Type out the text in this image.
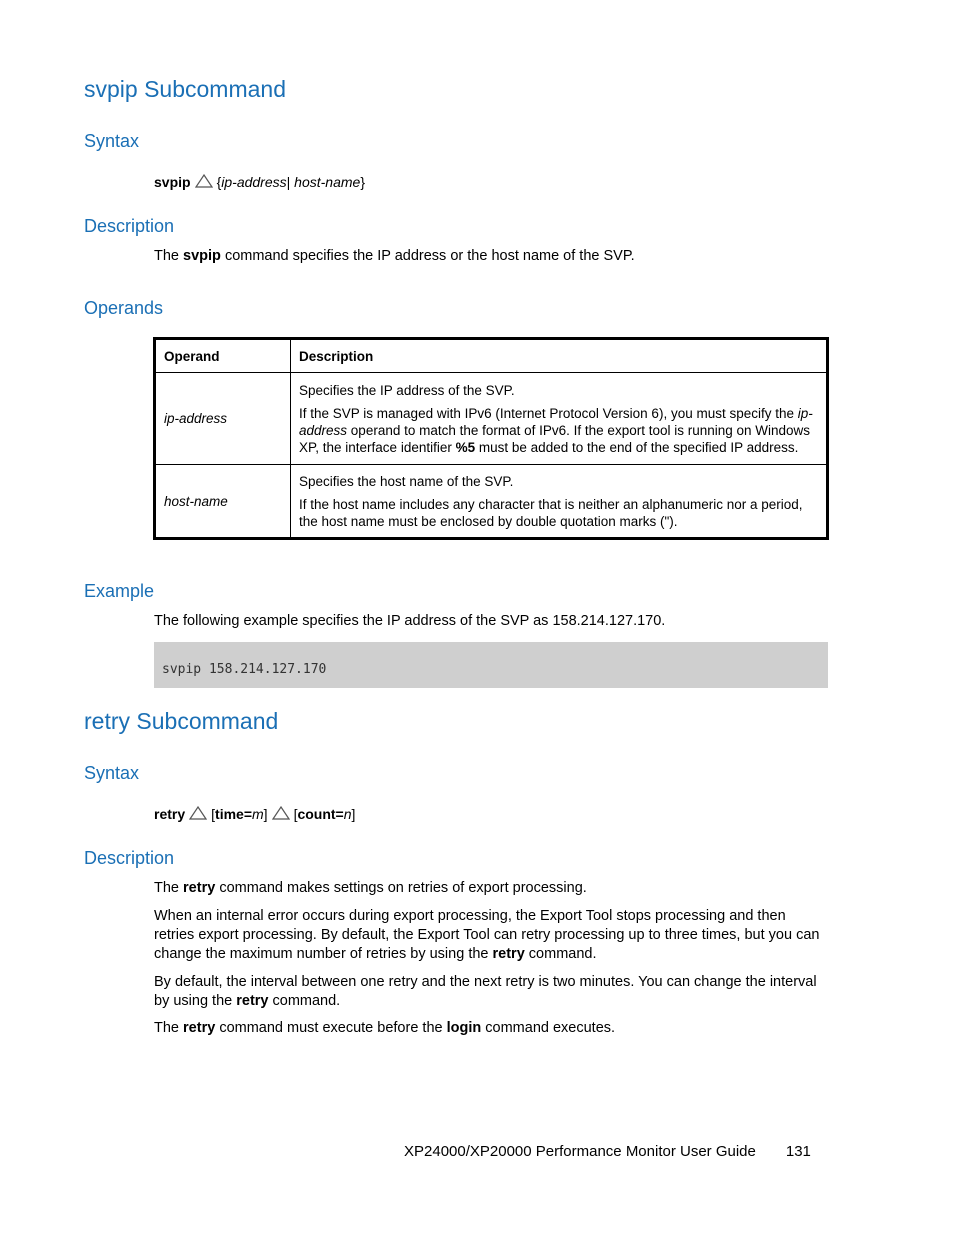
svpip Subcommand
Syntax
svpip {ip-address| host-name}
Description

The svpip command specifies the IP address or the host name of the SVP.

Operands
Operand	Description
ip-address	Specifies the IP address of the SVP.

If the SVP is managed with IPv6 (Internet Protocol Version 6), you must specify the ip-address operand to match the format of IPv6. If the export tool is running on Windows XP, the interface identifier %5 must be added to the end of the specified IP address.

host-name	Specifies the host name of the SVP.

If the host name includes any character that is neither an alphanumeric nor a period, the host name must be enclosed by double quotation marks (").

Example

The following example specifies the IP address of the SVP as 158.214.127.170.

svpip 158.214.127.170
retry Subcommand
Syntax
retry [time=m] [count=n]
Description

The retry command makes settings on retries of export processing.

When an internal error occurs during export processing, the Export Tool stops processing and then retries export processing. By default, the Export Tool can retry processing up to three times, but you can change the maximum number of retries by using the retry command.

By default, the interval between one retry and the next retry is two minutes. You can change the interval by using the retry command.

The retry command must execute before the login command executes.

XP24000/XP20000 Performance Monitor User Guide 131
